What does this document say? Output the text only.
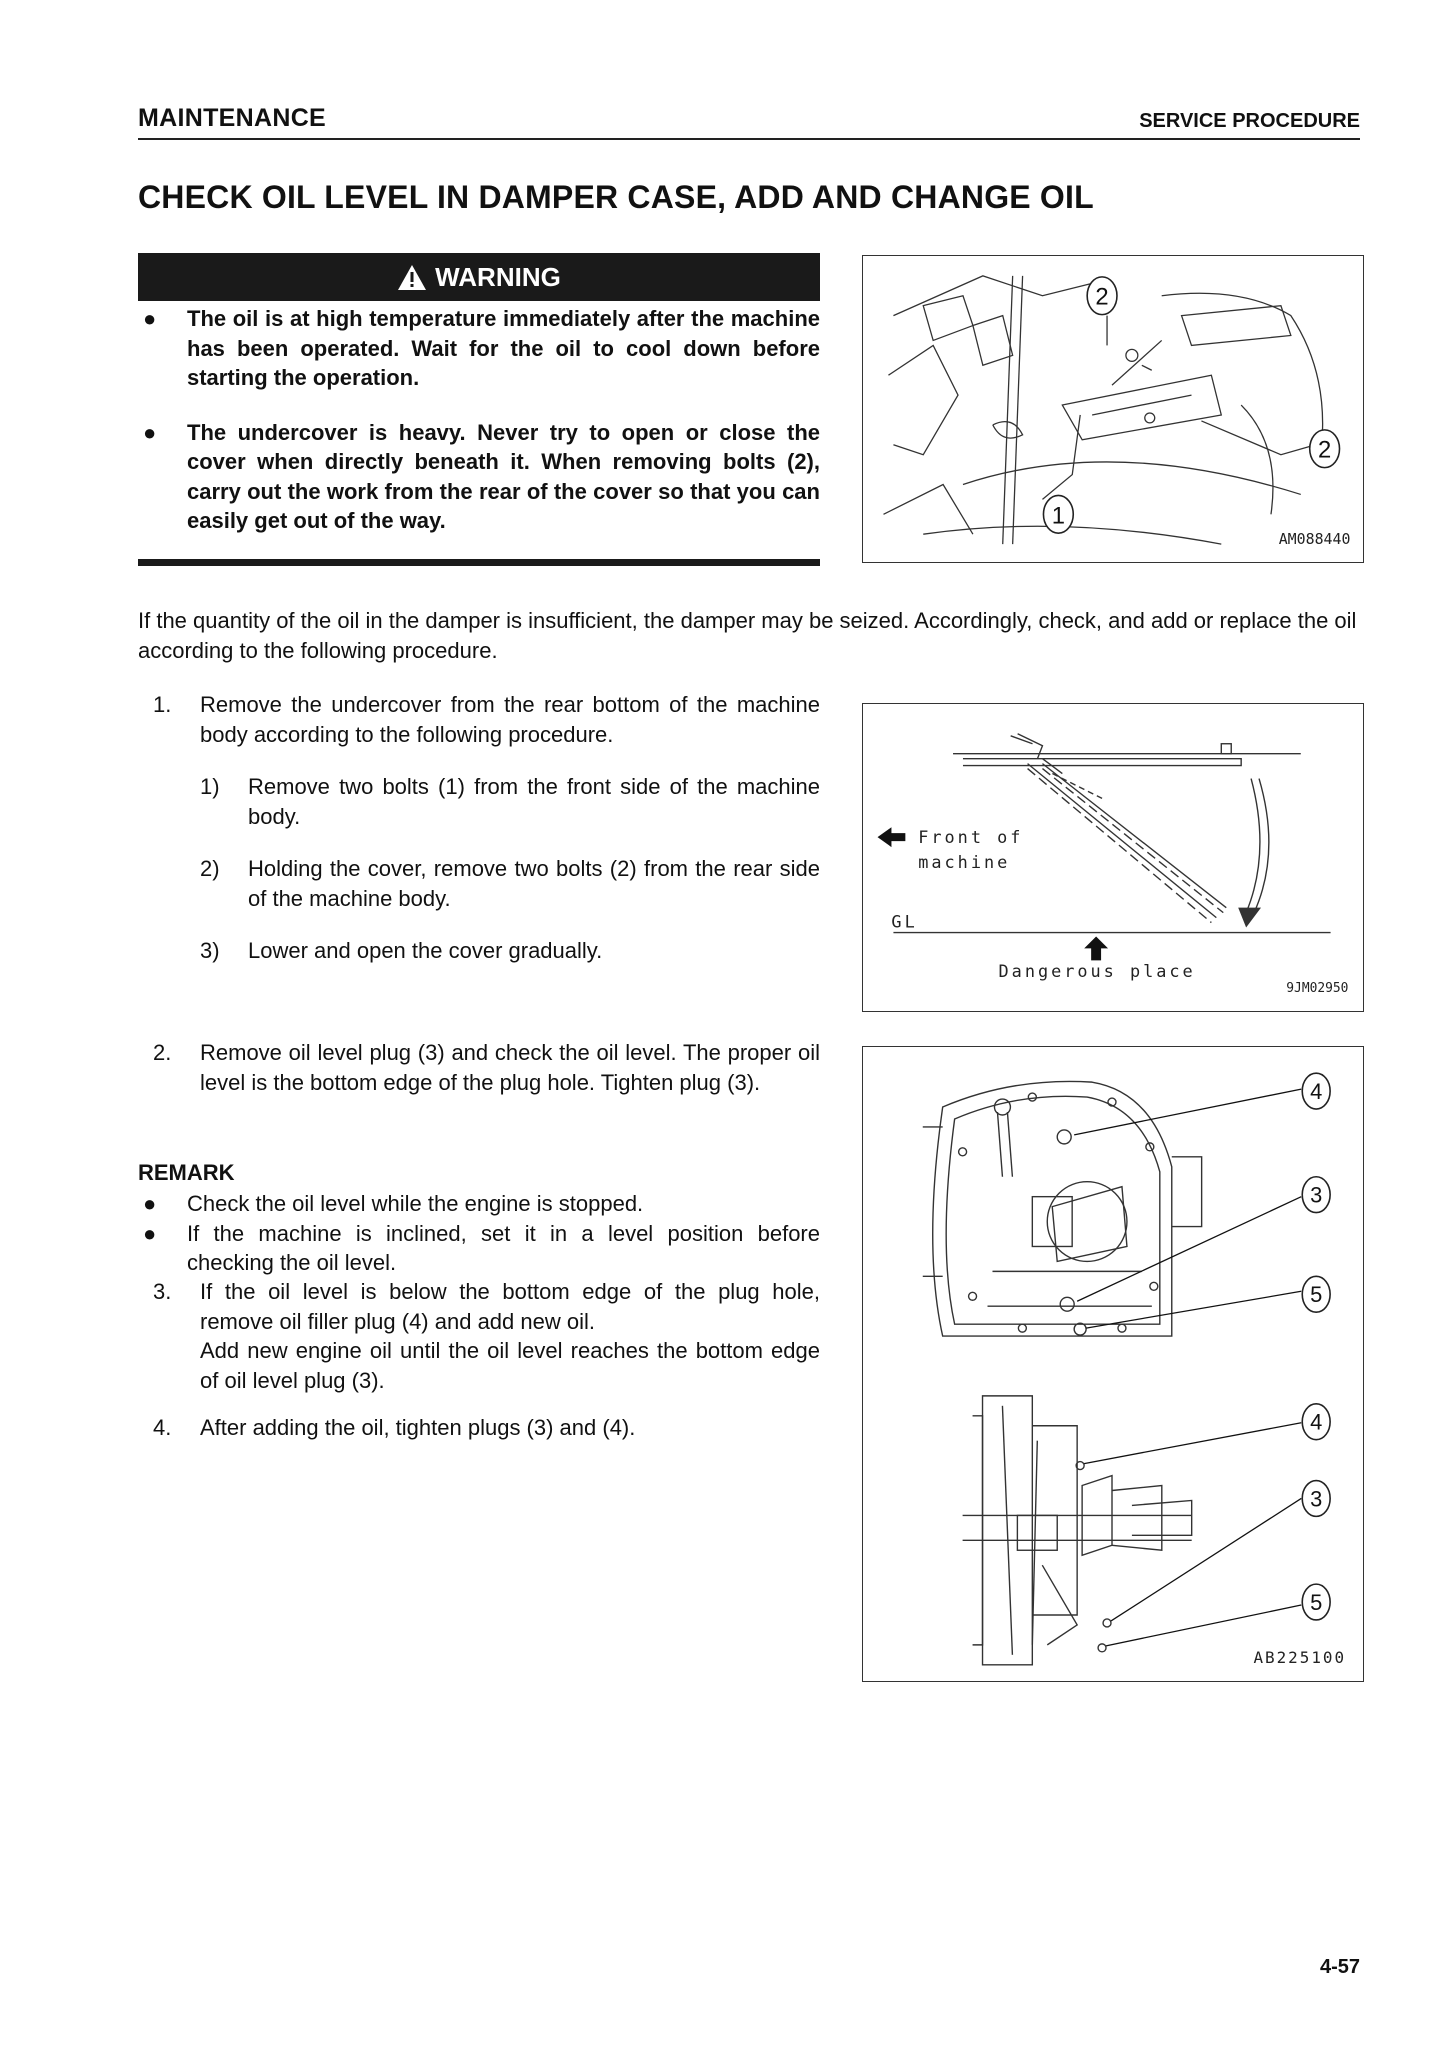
MAINTENANCE	SERVICE PROCEDURE
CHECK OIL LEVEL IN DAMPER CASE, ADD AND CHANGE OIL
WARNING
●	The oil is at high temperature immediately after the machine has been operated. Wait for the oil to cool down before starting the operation.
●	The undercover is heavy. Never try to open or close the cover when directly beneath it. When removing bolts (2), carry out the work from the rear of the cover so that you can easily get out of the way.
2
2
1
AM088440
If the quantity of the oil in the damper is insufficient, the damper may be seized. Accordingly, check, and add or replace the oil according to the following procedure.
1.	Remove the undercover from the rear bottom of the machine body according to the following procedure.
1)	Remove two bolts (1) from the front side of the machine body.
2)	Holding the cover, remove two bolts (2) from the rear side of the machine body.
3)	Lower and open the cover gradually.
Front of
machine
GL
Dangerous place
9JM02950
2.	Remove oil level plug (3) and check the oil level. The proper oil level is the bottom edge of the plug hole. Tighten plug (3).
REMARK
●	Check the oil level while the engine is stopped.
●	If the machine is inclined, set it in a level position before checking the oil level.
3.	If the oil level is below the bottom edge of the plug hole, remove oil filler plug (4) and add new oil.
Add new engine oil until the oil level reaches the bottom edge of oil level plug (3).
4.	After adding the oil, tighten plugs (3) and (4).
4
3
5
4
3
5
AB225100
4-57
